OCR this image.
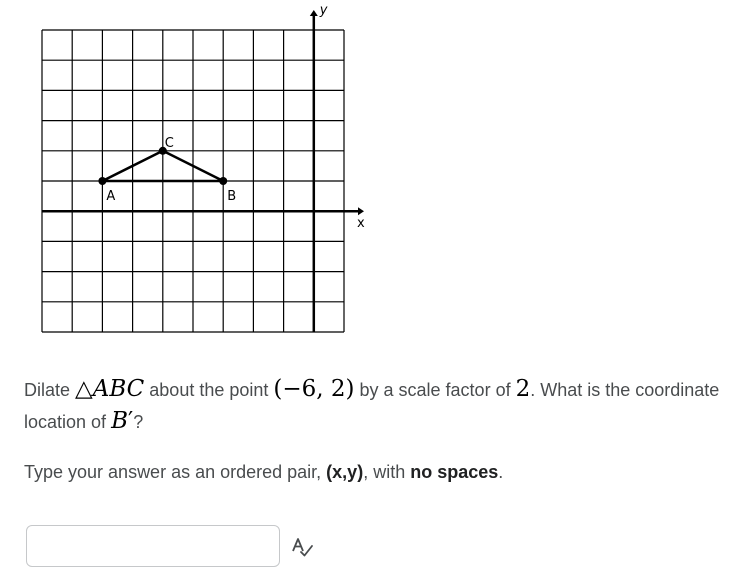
x
y
A	B
C
Dilate △ABC about the point (−6, 2) by a scale factor of 2. What is the coordinate location of B′?
Type your answer as an ordered pair, (x,y), with no spaces.
